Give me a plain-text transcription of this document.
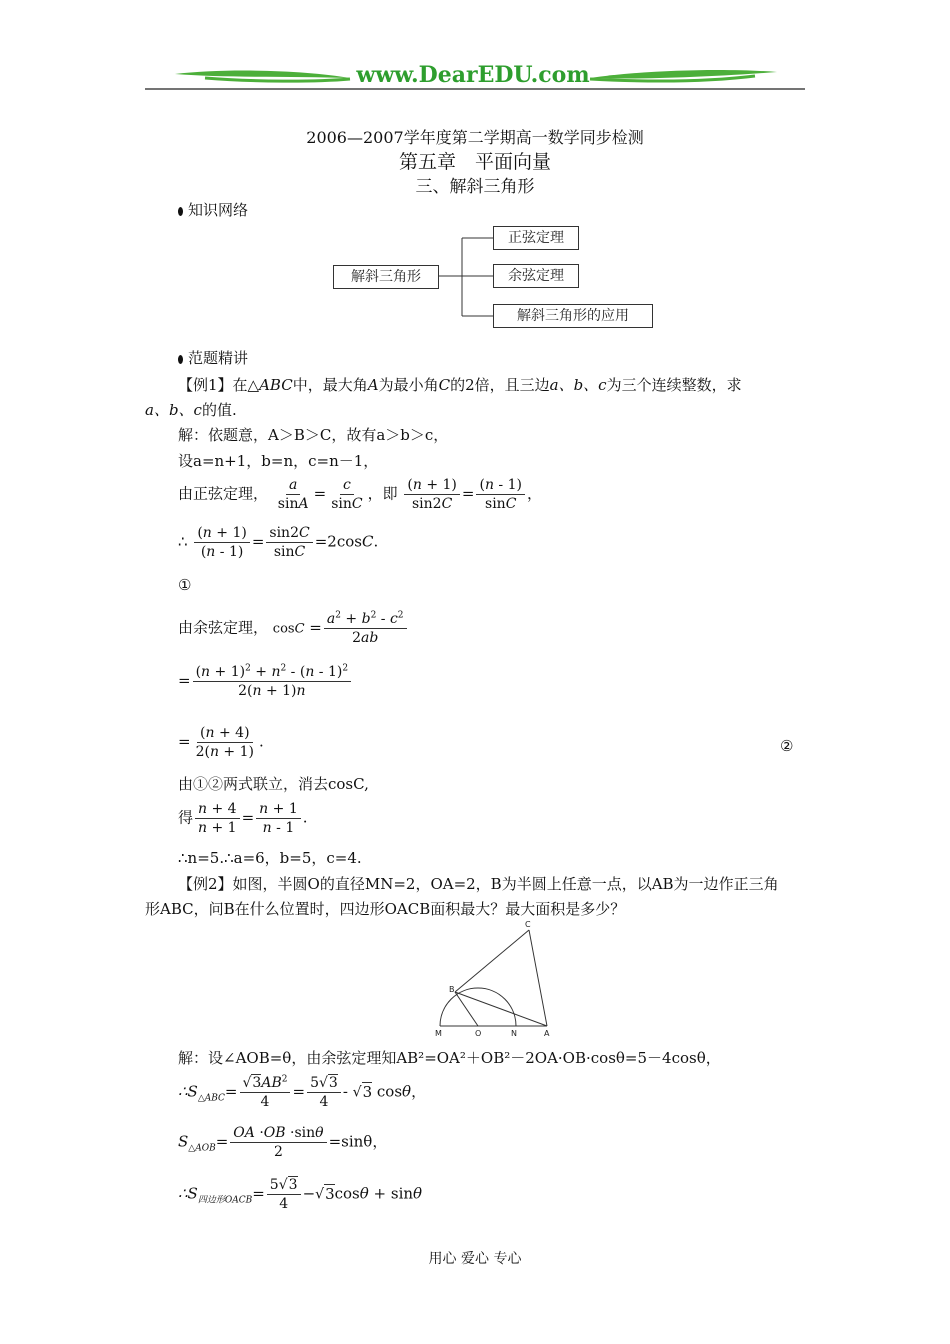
www.DearEDU.com
2006—2007学年度第二学期高一数学同步检测
第五章　平面向量
三、解斜三角形
知识网络
解斜三角形
正弦定理
余弦定理
解斜三角形的应用
范题精讲
【例1】在△ABC中，最大角A为最小角C的2倍，且三边a、b、c为三个连续整数，求
a、b、c的值.
解：依题意，A＞B＞C，故有a＞b＞c，
设a=n+1，b=n，c=n－1，
由正弦定理， $\frac{a}{\sin A} = \frac{c}{\sin C}$ ，即 $\frac{(n + 1)}{\sin 2C} = \frac{(n - 1)}{\sin C}$ ，
∴ $\frac{(n + 1)}{(n - 1)} = \frac{\sin 2C}{\sin C} =2\cos C$.
①
由余弦定理， $\cos C = \frac{a^2 + b^2 - c^2}{2ab}$
= $\frac{(n + 1)^2 + n^2 - (n - 1)^2}{2(n + 1)n}$
= $\frac{(n + 4)}{2(n + 1)}$ .	②
由①②两式联立，消去cosC,
得 $\frac{n + 4}{n + 1} = \frac{n + 1}{n - 1}$ .
∴n=5.∴a=6，b=5，c=4.
【例2】如图，半圆O的直径MN=2，OA=2，B为半圆上任意一点，以AB为一边作正三角
形ABC，问B在什么位置时，四边形OACB面积最大？最大面积是多少？
C
B
M	O	N	A
解：设∠AOB=θ，由余弦定理知AB²=OA²＋OB²－2OA·OB·cosθ=5－4cosθ，
$\therefore S_{\triangle ABC}= \frac{√3AB^2}{4} = \frac{5√3}{4} - √3$ cosθ，
$S_{\triangle AOB}= \frac{OA \cdot OB \cdot\sin\theta}{2} =\sin\theta$，
$\therefore S_{四边形OACB}= \frac{5√3}{4} -√3\cos\theta + \sin\theta$
用心 爱心 专心
